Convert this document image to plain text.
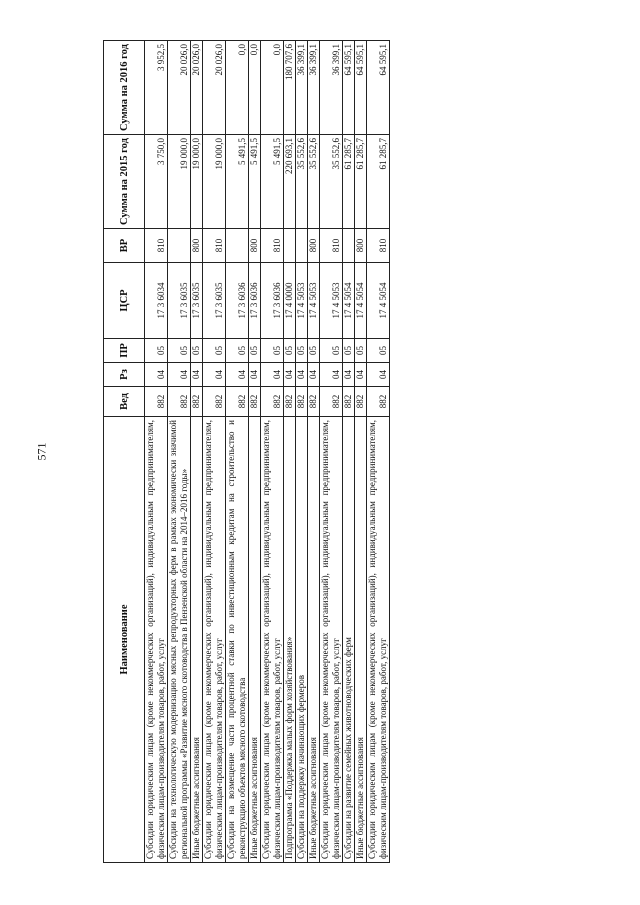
571
Наименование	Вед	Рз	ПР	ЦСР	ВР	Сумма на 2015 год	Сумма на 2016 год
Субсидии юридическим лицам (кроме некоммерческих организаций), индивидуальным предпринимателям, физическим лицам-производителям товаров, работ, услуг	882	04	05	17 3 6034	810	3 750,0	3 952,5
Субсидии на технологическую модернизацию мясных репродукторных ферм в рамках экономически значимой региональной программы «Развитие мясного скотоводства в Пензенской области на 2014–2016 годы»	882	04	05	17 3 6035		19 000,0	20 026,0
Иные бюджетные ассигнования	882	04	05	17 3 6035	800	19 000,0	20 026,0
Субсидии юридическим лицам (кроме некоммерческих организаций), индивидуальным предпринимателям, физическим лицам-производителям товаров, работ, услуг	882	04	05	17 3 6035	810	19 000,0	20 026,0
Субсидии на возмещение части процентной ставки по инвестиционным кредитам на строительство и реконструкцию объектов мясного скотоводства	882	04	05	17 3 6036		5 491,5	0,0
Иные бюджетные ассигнования	882	04	05	17 3 6036	800	5 491,5	0,0
Субсидии юридическим лицам (кроме некоммерческих организаций), индивидуальным предпринимателям, физическим лицам-производителям товаров, работ, услуг	882	04	05	17 3 6036	810	5 491,5	0,0
Подпрограмма «Поддержка малых форм хозяйствования»	882	04	05	17 4 0000		220 693,1	180 707,6
Субсидии на поддержку начинающих фермеров	882	04	05	17 4 5053		35 552,6	36 399,1
Иные бюджетные ассигнования	882	04	05	17 4 5053	800	35 552,6	36 399,1
Субсидии юридическим лицам (кроме некоммерческих организаций), индивидуальным предпринимателям, физическим лицам-производителям товаров, работ, услуг	882	04	05	17 4 5053	810	35 552,6	36 399,1
Субсидии на развитие семейных животноводческих ферм	882	04	05	17 4 5054		61 285,7	64 595,1
Иные бюджетные ассигнования	882	04	05	17 4 5054	800	61 285,7	64 595,1
Субсидии юридическим лицам (кроме некоммерческих организаций), индивидуальным предпринимателям, физическим лицам-производителям товаров, работ, услуг	882	04	05	17 4 5054	810	61 285,7	64 595,1
